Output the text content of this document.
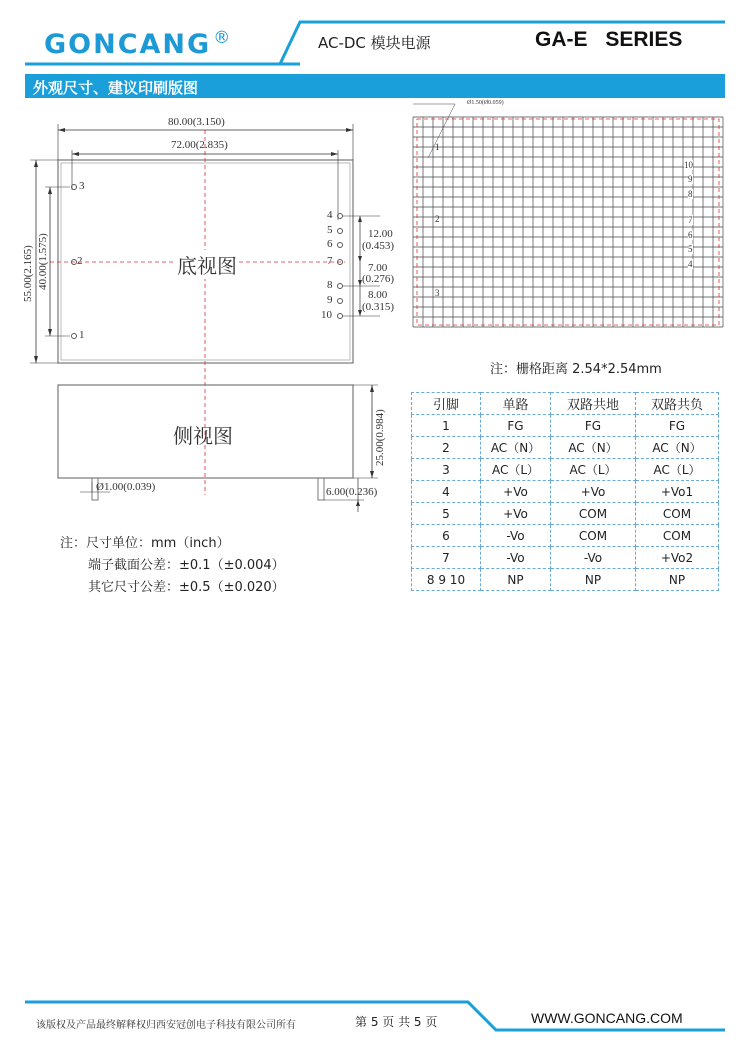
GONCANG ®	AC-DC 模块电源	GA-E SERIES
外观尺寸、建议印刷版图
80.00(3.150)
72.00(2.835)
55.00(2.165) 40.00(1.575)	底视图
3
2
1
4
5
6
7
8
9
10
12.00
(0.453)
7.00
(0.276)
8.00
(0.315)
侧视图	25.00(0.984)
Ø1.00(0.039)	6.00(0.236)
Ø1.50(Ø0.059)
10
9
8
7
6
5
4
1
2
3
注：栅格距离 2.54*2.54mm
注：尺寸单位：mm（inch）
端子截面公差：±0.1（±0.004）
其它尺寸公差：±0.5（±0.020）
引脚	单路	双路共地	双路共负
1	FG	FG	FG
2	AC（N）	AC（N）	AC（N）
3	AC（L）	AC（L）	AC（L）
4	+Vo	+Vo	+Vo1
5	+Vo	COM	COM
6	-Vo	COM	COM
7	-Vo	-Vo	+Vo2
8 9 10	NP	NP	NP
该版权及产品最终解释权归西安冠创电子科技有限公司所有	第 5 页 共 5 页	WWW.GONCANG.COM
